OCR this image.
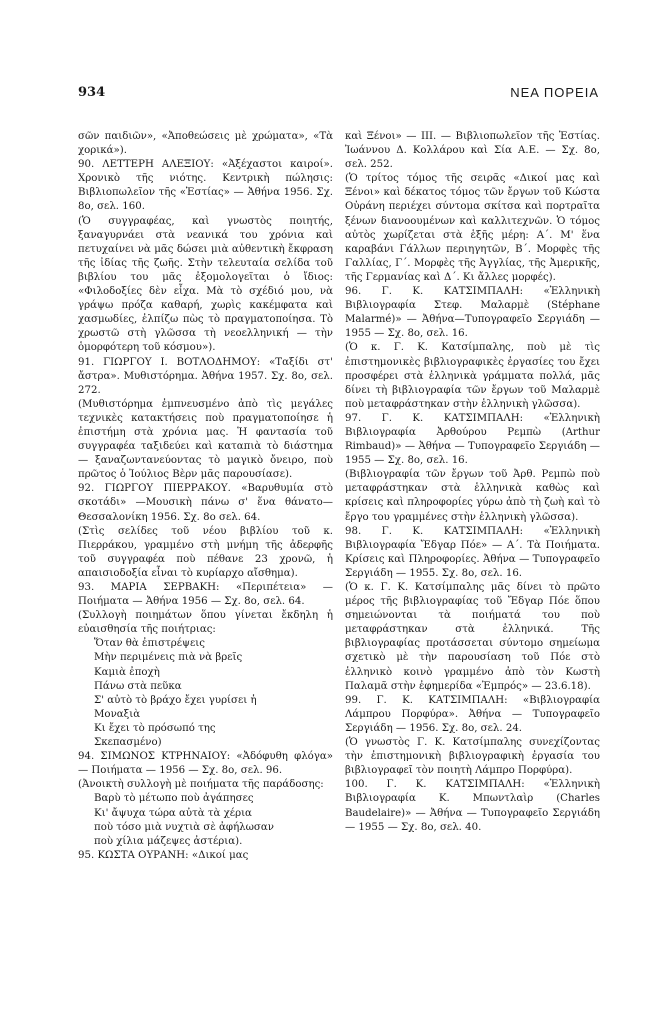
934	ΝΕΑ ΠΟΡΕΙΑ

σῶν παιδιῶν», «Ἀποθεώσεις μὲ χρώματα», «Τὰ χορικά»).

90. ΛΕΤΤΕΡΗ ΑΛΕΞΙΟΥ: «Ἀξέχαστοι καιροί». Χρονικὸ τῆς νιότης. Κεντρικὴ πώλησις: Βιβλιοπωλεῖον τῆς «Ἑστίας» — Ἀθήνα 1956. Σχ. 8ο, σελ. 160.

(Ὁ συγγραφέας, καὶ γνωστὸς ποιητής, ξαναγυρνάει στὰ νεανικά του χρόνια καὶ πετυχαίνει νὰ μᾶς δώσει μιὰ αὐθεντικὴ ἔκφραση τῆς ἰδίας τῆς ζωῆς. Στὴν τελευταία σελίδα τοῦ βιβλίου του μᾶς ἐξομολογεῖται ὁ ἴδιος: «Φιλοδοξίες δὲν εἶχα. Μὰ τὸ σχέδιό μου, νὰ γράψω πρόζα καθαρή, χωρὶς κακέμφατα καὶ χασμωδίες, ἐλπίζω πὼς τὸ πραγματοποίησα. Τὸ χρωστῶ στὴ γλῶσσα τὴ νεοελληνική — τὴν ὁμορφότερη τοῦ κόσμου»).

91. ΓΙΩΡΓΟΥ Ι. ΒΟΤΛΟΔΗΜΟΥ: «Ταξίδι στ' ἄστρα». Μυθιστόρημα. Ἀθήνα 1957. Σχ. 8ο, σελ. 272.

(Μυθιστόρημα ἐμπνευσμένο ἀπὸ τὶς μεγάλες τεχνικὲς κατακτήσεις ποὺ πραγματοποίησε ἡ ἐπιστήμη στὰ χρόνια μας. Ἡ φαντασία τοῦ συγγραφέα ταξιδεύει καὶ καταπιὰ τὸ διάστημα — ξαναζωντανεύοντας τὸ μαγικὸ ὄνειρο, ποὺ πρῶτος ὁ Ἰούλιος Βὲρν μᾶς παρουσίασε).

92. ΓΙΩΡΓΟΥ ΠΙΕΡΡΑΚΟΥ. «Βαρυθυμία στὸ σκοτάδι» —Μουσικὴ πάνω σ' ἕνα θάνατο— Θεσσαλονίκη 1956. Σχ. 8ο σελ. 64.

(Στὶς σελίδες τοῦ νέου βιβλίου τοῦ κ. Πιερράκου, γραμμένο στὴ μνήμη τῆς ἀδερφῆς τοῦ συγγραφέα ποὺ πέθανε 23 χρονῶ, ἡ απαισιοδοξία εἶναι τὸ κυρίαρχο αἴσθημα).

93. ΜΑΡΙΑ ΣΕΡΒΑΚΗ: «Περιπέτεια» — Ποιήματα — Ἀθήνα 1956 — Σχ. 8ο, σελ. 64.

(Συλλογὴ ποιημάτων ὅπου γίνεται ἔκδηλη ἡ εὐαισθησία τῆς ποιήτριας:

Ὅταν θὰ ἐπιστρέψεις
Μὴν περιμένεις πιὰ νὰ βρεῖς
Καμιὰ ἐποχὴ
Πάνω στὰ πεῦκα
Σ' αὐτὸ τὸ βράχο ἔχει γυρίσει ἡ
Μοναξιὰ
Κι ἔχει τὸ πρόσωπό της
Σκεπασμένο)

94. ΣΙΜΩΝΟΣ ΚΤΡΗΝΑΙΟΥ: «Ἀδόφυθη φλόγα» — Ποιήματα — 1956 — Σχ. 8ο, σελ. 96.

(Ἀνοικτὴ συλλογὴ μὲ ποιήματα τῆς παράδοσης:

Βαρὺ τὸ μέτωπο ποὺ ἀγάπησες
Κι' ἄψυχα τώρα αὐτὰ τὰ χέρια
ποὺ τόσο μιὰ νυχτιὰ σὲ ἀφήλωσαν
ποὺ χίλια μάζεψες ἀστέρια).

95. ΚΩΣΤΑ ΟΥΡΑΝΗ: «Δικοί μας

καὶ Ξένοι» — ΙΙΙ. — Βιβλιοπωλεῖον τῆς Ἑστίας. Ἰωάννου Δ. Κολλάρου καὶ Σία Α.Ε. — Σχ. 8ο, σελ. 252.

(Ὁ τρίτος τόμος τῆς σειρᾶς «Δικοί μας καὶ Ξένοι» καὶ δέκατος τόμος τῶν ἔργων τοῦ Κώστα Οὐράνη περιέχει σύντομα σκίτσα καὶ πορτραῖτα ξένων διανοουμένων καὶ καλλιτεχνῶν. Ὁ τόμος αὐτὸς χωρίζεται στὰ ἑξῆς μέρη: Α΄. Μ' ἕνα καραβάνι Γάλλων περιηγητῶν, Β΄. Μορφὲς τῆς Γαλλίας, Γ΄. Μορφὲς τῆς Ἀγγλίας, τῆς Ἀμερικῆς, τῆς Γερμανίας καὶ Δ΄. Κι ἄλλες μορφές).

96. Γ. Κ. ΚΑΤΣΙΜΠΑΛΗ: «Ἑλληνικὴ Βιβλιογραφία Στεφ. Μαλαρμὲ (Stéphane Malarmé)» — Ἀθήνα—Τυπογραφεῖο Σεργιάδη — 1955 — Σχ. 8ο, σελ. 16.

(Ὁ κ. Γ. Κ. Κατσίμπαλης, ποὺ μὲ τὶς ἐπιστημονικὲς βιβλιογραφικὲς ἐργασίες του ἔχει προσφέρει στὰ ἑλληνικὰ γράμματα πολλά, μᾶς δίνει τὴ βιβλιογραφία τῶν ἔργων τοῦ Μαλαρμὲ ποὺ μεταφράστηκαν στὴν ἑλληνικὴ γλῶσσα).

97. Γ. Κ. ΚΑΤΣΙΜΠΑΛΗ: «Ἑλληνικὴ Βιβλιογραφία Ἀρθούρου Ρεμπὼ (Arthur Rimbaud)» — Ἀθήνα — Τυπογραφεῖο Σεργιάδη — 1955 — Σχ. 8ο, σελ. 16.

(Βιβλιογραφία τῶν ἔργων τοῦ Ἀρθ. Ρεμπὼ ποὺ μεταφράστηκαν στὰ ἑλληνικὰ καθὼς καὶ κρίσεις καὶ πληροφορίες γύρω ἀπὸ τὴ ζωὴ καὶ τὸ ἔργο του γραμμένες στὴν ἑλληνικὴ γλῶσσα).

98. Γ. Κ. ΚΑΤΣΙΜΠΑΛΗ: «Ἑλληνικὴ Βιβλιογραφία Ἔδγαρ Πόε» — Α΄. Τὰ Ποιήματα. Κρίσεις καὶ Πληροφορίες. Ἀθήνα — Τυπογραφεῖο Σεργιάδη — 1955. Σχ. 8ο, σελ. 16.

(Ὁ κ. Γ. Κ. Κατσίμπαλης μᾶς δίνει τὸ πρῶτο μέρος τῆς βιβλιογραφίας τοῦ Ἔδγαρ Πόε ὅπου σημειώνονται τὰ ποιήματά του ποὺ μεταφράστηκαν στὰ ἑλληνικά. Τῆς βιβλιογραφίας προτάσσεται σύντομο σημείωμα σχετικὸ μὲ τὴν παρουσίαση τοῦ Πόε στὸ ἑλληνικὸ κοινὸ γραμμένο ἀπὸ τὸν Κωστὴ Παλαμᾶ στὴν ἐφημερίδα «Ἐμπρός» — 23.6.18).

99. Γ. Κ. ΚΑΤΣΙΜΠΑΛΗ: «Βιβλιογραφία Λάμπρου Πορφύρα». Ἀθήνα — Τυπογραφεῖο Σεργιάδη — 1956. Σχ. 8ο, σελ. 24.

(Ὁ γνωστὸς Γ. Κ. Κατσίμπαλης συνεχίζοντας τὴν ἐπιστημονικὴ βιβλιογραφικὴ ἐργασία του βιβλιογραφεῖ τὸν ποιητὴ Λάμπρο Πορφύρα).

100. Γ. Κ. ΚΑΤΣΙΜΠΑΛΗ: «Ἑλληνικὴ Βιβλιογραφία Κ. Μπωντλαὶρ (Charles Baudelaire)» — Ἀθήνα — Τυπογραφεῖο Σεργιάδη — 1955 — Σχ. 8ο, σελ. 40.
